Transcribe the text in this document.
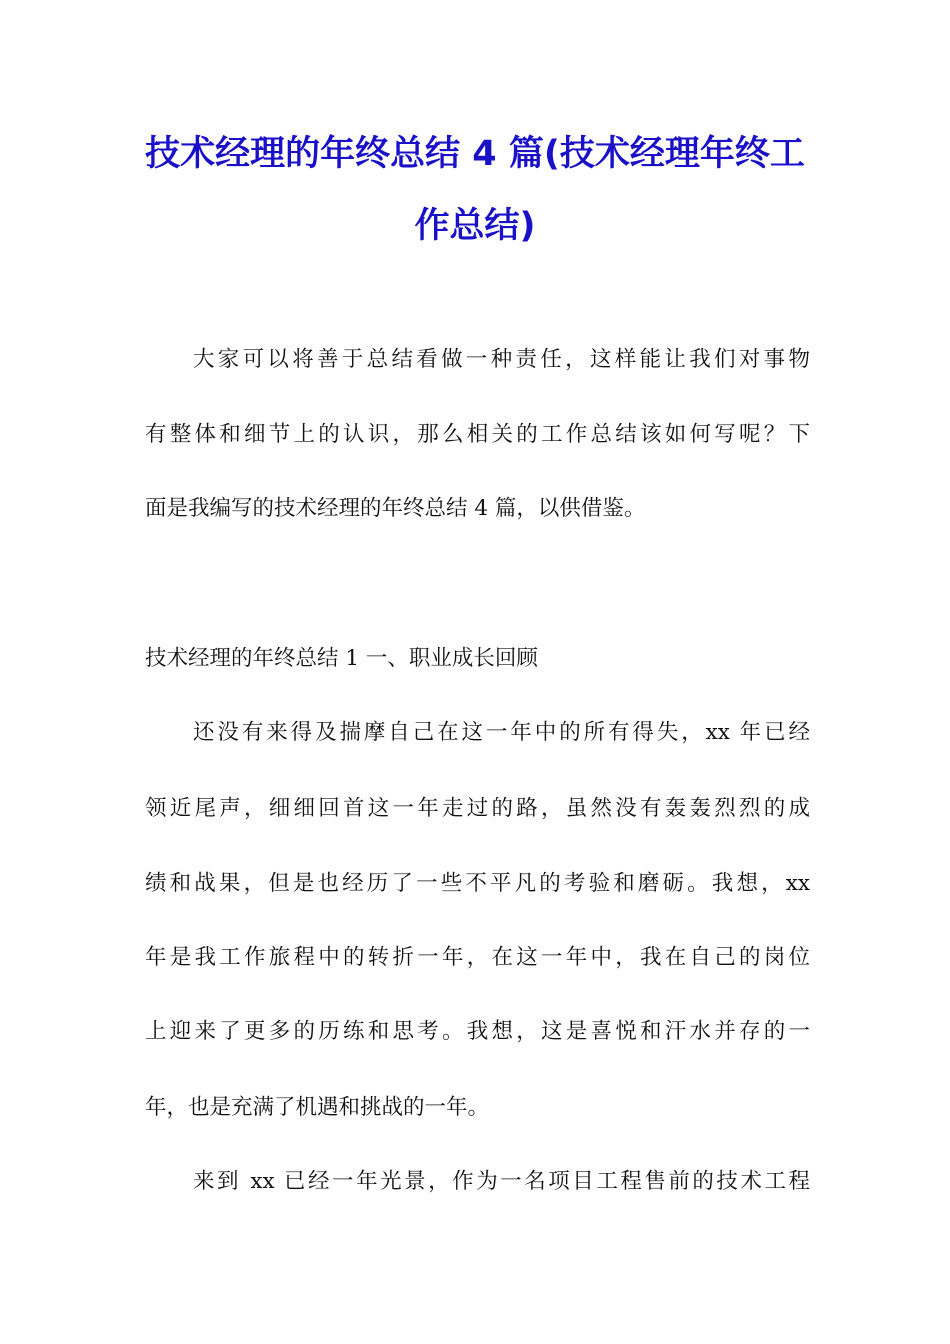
技术经理的年终总结 4 篇(技术经理年终工
作总结)

大家可以将善于总结看做一种责任，这样能让我们对事物

有整体和细节上的认识，那么相关的工作总结该如何写呢？下

面是我编写的技术经理的年终总结 4 篇，以供借鉴。

技术经理的年终总结 1 一、职业成长回顾

还没有来得及揣摩自己在这一年中的所有得失，xx 年已经

领近尾声，细细回首这一年走过的路，虽然没有轰轰烈烈的成

绩和战果，但是也经历了一些不平凡的考验和磨砺。我想，xx

年是我工作旅程中的转折一年，在这一年中，我在自己的岗位

上迎来了更多的历练和思考。我想，这是喜悦和汗水并存的一

年，也是充满了机遇和挑战的一年。

来到 xx 已经一年光景，作为一名项目工程售前的技术工程
